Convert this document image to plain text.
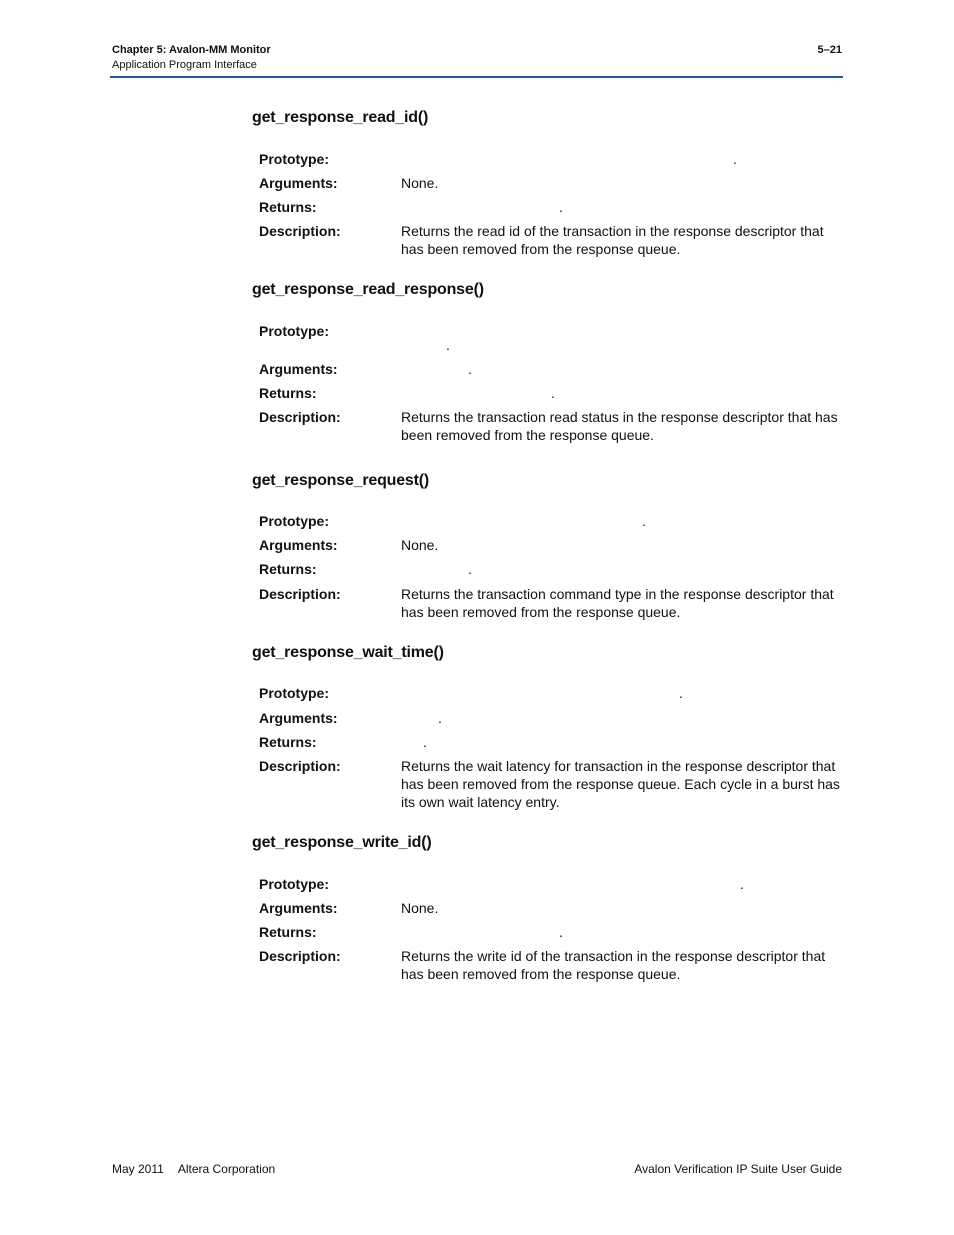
Chapter 5: Avalon-MM Monitor
Application Program Interface
5–21
get_response_read_id()
Prototype:	.
Arguments:	None.
Returns:	.
Description:	Returns the read id of the transaction in the response descriptor that has been removed from the response queue.
get_response_read_response()
Prototype:
.
Arguments:	.
Returns:	.
Description:	Returns the transaction read status in the response descriptor that has been removed from the response queue.
get_response_request()
Prototype:	.
Arguments:	None.
Returns:	.
Description:	Returns the transaction command type in the response descriptor that has been removed from the response queue.
get_response_wait_time()
Prototype:	.
Arguments:	.
Returns:	.
Description:	Returns the wait latency for transaction in the response descriptor that has been removed from the response queue. Each cycle in a burst has its own wait latency entry.
get_response_write_id()
Prototype:	.
Arguments:	None.
Returns:	.
Description:	Returns the write id of the transaction in the response descriptor that has been removed from the response queue.
May 2011 Altera Corporation	Avalon Verification IP Suite User Guide
